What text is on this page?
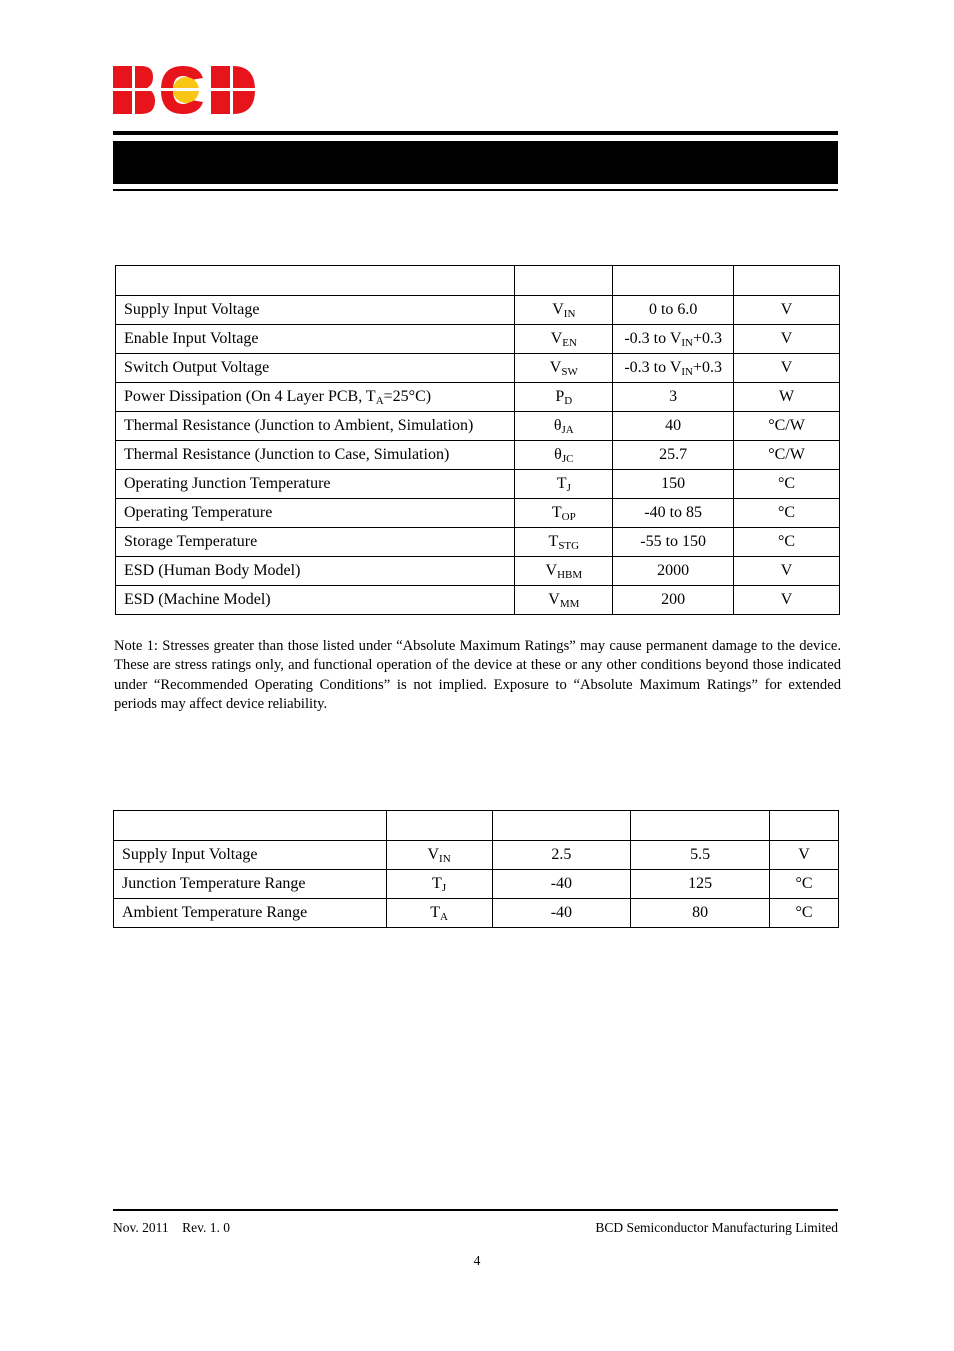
Supply Input Voltage	$V_{IN}$	0 to 6.0	V
Enable Input Voltage	$V_{EN}$	-0.3 to $V_{IN}+0.3$	V
Switch Output Voltage	$V_{SW}$	-0.3 to $V_{IN}+0.3$	V
Power Dissipation (On 4 Layer PCB, $T_A=25^\circ C$)	$P_D$	3	W
Thermal Resistance (Junction to Ambient, Simulation)	$\theta_{JA}$	40	°C/W
Thermal Resistance (Junction to Case, Simulation)	$\theta_{JC}$	25.7	°C/W
Operating Junction Temperature	$T_J$	150	°C
Operating Temperature	$T_{OP}$	-40 to 85	°C
Storage Temperature	$T_{STG}$	-55 to 150	°C
ESD (Human Body Model)	$V_{HBM}$	2000	V
ESD (Machine Model)	$V_{MM}$	200	V

Note 1: Stresses greater than those listed under “Absolute Maximum Ratings” may cause permanent damage to the device. These are stress ratings only, and functional operation of the device at these or any other conditions beyond those indicated under “Recommended Operating Conditions” is not implied. Exposure to “Absolute Maximum Ratings” for extended periods may affect device reliability.

Supply Input Voltage	$V_{IN}$	2.5	5.5	V
Junction Temperature Range	$T_J$	-40	125	°C
Ambient Temperature Range	$T_A$	-40	80	°C
Nov. 2011    Rev. 1. 0	BCD Semiconductor Manufacturing Limited
4
